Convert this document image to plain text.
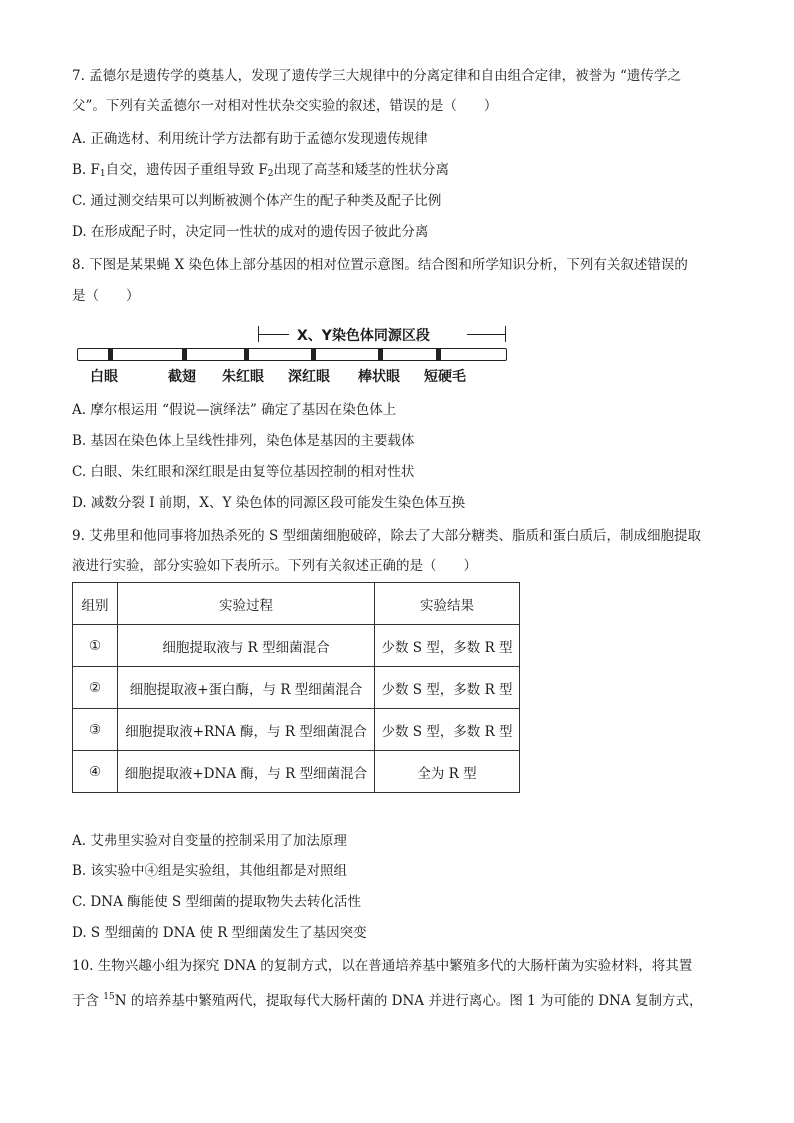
7. 孟德尔是遗传学的奠基人，发现了遗传学三大规律中的分离定律和自由组合定律，被誉为 “遗传学之
父”。下列有关孟德尔一对相对性状杂交实验的叙述，错误的是（　　）
A. 正确选材、利用统计学方法都有助于孟德尔发现遗传规律
B. $F_1$自交，遗传因子重组导致 $F_2$出现了高茎和矮茎的性状分离
C. 通过测交结果可以判断被测个体产生的配子种类及配子比例
D. 在形成配子时，决定同一性状的成对的遗传因子彼此分离
8. 下图是某果蝇 X 染色体上部分基因的相对位置示意图。结合图和所学知识分析，下列有关叙述错误的
是（　　）
X、Y染色体同源区段
白眼	截翅 朱红眼 深红眼 棒状眼 短硬毛
A. 摩尔根运用 “假说—演绎法” 确定了基因在染色体上
B. 基因在染色体上呈线性排列，染色体是基因的主要载体
C. 白眼、朱红眼和深红眼是由复等位基因控制的相对性状
D. 减数分裂 Ⅰ 前期，X、Y 染色体的同源区段可能发生染色体互换
9. 艾弗里和他同事将加热杀死的 S 型细菌细胞破碎，除去了大部分糖类、脂质和蛋白质后，制成细胞提取
液进行实验，部分实验如下表所示。下列有关叙述正确的是（　　）
组别	实验过程	实验结果
①	细胞提取液与 R 型细菌混合	少数 S 型，多数 R 型
②	细胞提取液+蛋白酶，与 R 型细菌混合	少数 S 型，多数 R 型
③	细胞提取液+RNA 酶，与 R 型细菌混合	少数 S 型，多数 R 型
④	细胞提取液+DNA 酶，与 R 型细菌混合	全为 R 型
A. 艾弗里实验对自变量的控制采用了加法原理
B. 该实验中④组是实验组，其他组都是对照组
C. DNA 酶能使 S 型细菌的提取物失去转化活性
D. S 型细菌的 DNA 使 R 型细菌发生了基因突变
10. 生物兴趣小组为探究 DNA 的复制方式，以在普通培养基中繁殖多代的大肠杆菌为实验材料，将其置
于含 $^{15}$N 的培养基中繁殖两代，提取每代大肠杆菌的 DNA 并进行离心。图 1 为可能的 DNA 复制方式，
